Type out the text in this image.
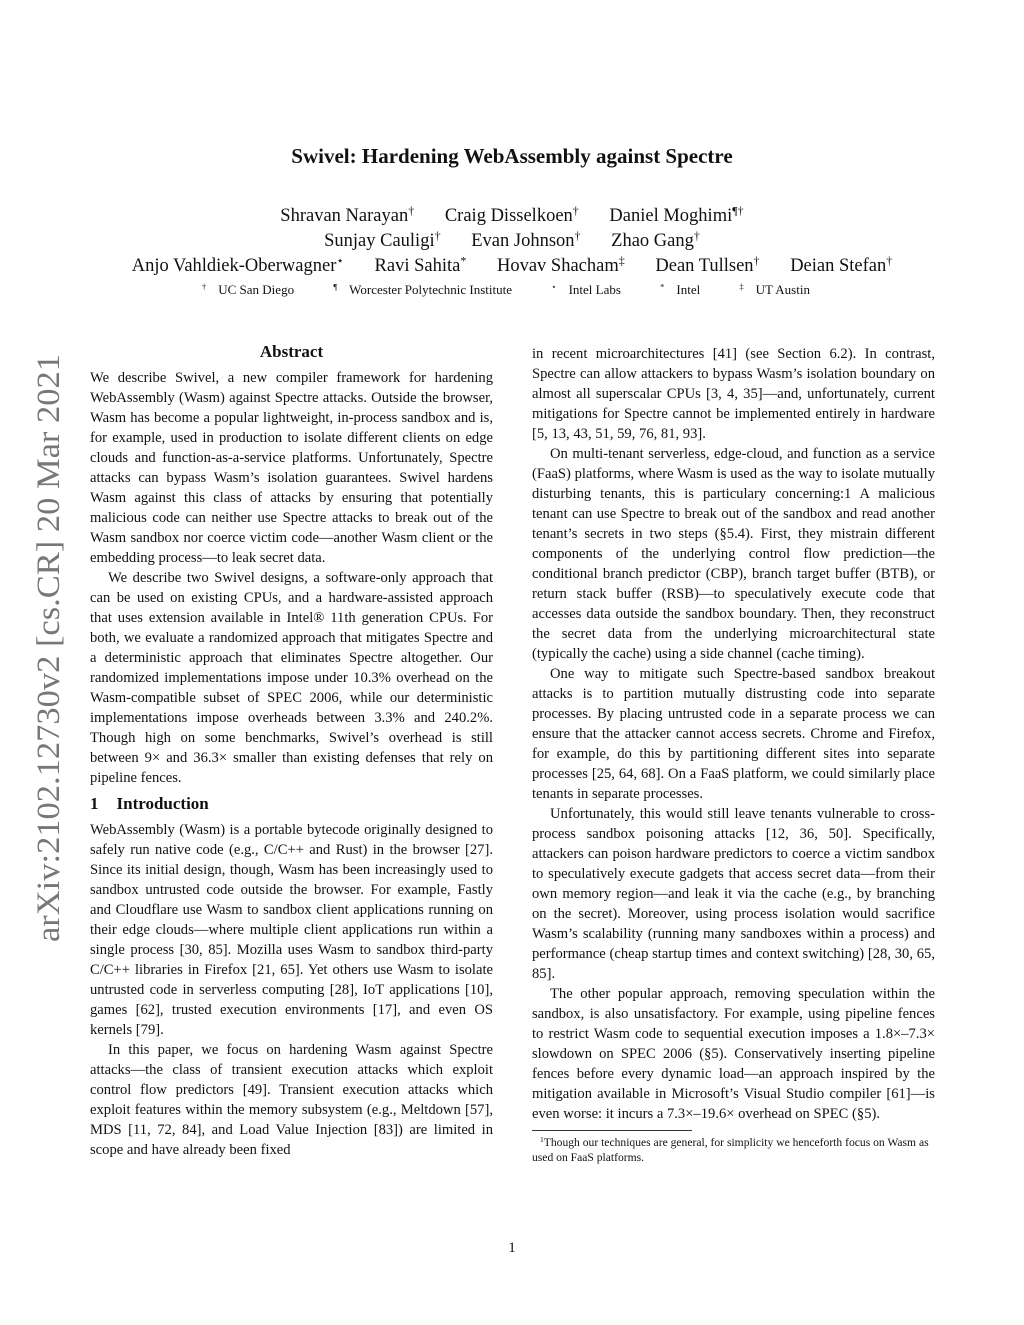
arXiv:2102.12730v2 [cs.CR] 20 Mar 2021
Swivel: Hardening WebAssembly against Spectre
Shravan Narayan† Craig Disselkoen† Daniel Moghimi¶†
Sunjay Cauligi† Evan Johnson† Zhao Gang†
Anjo Vahldiek-Oberwagner⋆ Ravi Sahita* Hovav Shacham‡ Dean Tullsen† Deian Stefan†
† UC San Diego	¶ Worcester Polytechnic Institute	⋆ Intel Labs	* Intel	‡ UT Austin
Abstract

We describe Swivel, a new compiler framework for hardening WebAssembly (Wasm) against Spectre attacks. Outside the browser, Wasm has become a popular lightweight, in-process sandbox and is, for example, used in production to isolate different clients on edge clouds and function-as-a-service platforms. Unfortunately, Spectre attacks can bypass Wasm’s isolation guarantees. Swivel hardens Wasm against this class of attacks by ensuring that potentially malicious code can neither use Spectre attacks to break out of the Wasm sandbox nor coerce victim code—another Wasm client or the embedding process—to leak secret data.

We describe two Swivel designs, a software-only approach that can be used on existing CPUs, and a hardware-assisted approach that uses extension available in Intel® 11th generation CPUs. For both, we evaluate a randomized approach that mitigates Spectre and a deterministic approach that eliminates Spectre altogether. Our randomized implementations impose under 10.3% overhead on the Wasm-compatible subset of SPEC 2006, while our deterministic implementations impose overheads between 3.3% and 240.2%. Though high on some benchmarks, Swivel’s overhead is still between 9× and 36.3× smaller than existing defenses that rely on pipeline fences.

1 Introduction

WebAssembly (Wasm) is a portable bytecode originally designed to safely run native code (e.g., C/C++ and Rust) in the browser [27]. Since its initial design, though, Wasm has been increasingly used to sandbox untrusted code outside the browser. For example, Fastly and Cloudflare use Wasm to sandbox client applications running on their edge clouds—where multiple client applications run within a single process [30, 85]. Mozilla uses Wasm to sandbox third-party C/C++ libraries in Firefox [21, 65]. Yet others use Wasm to isolate untrusted code in serverless computing [28], IoT applications [10], games [62], trusted execution environments [17], and even OS kernels [79].

In this paper, we focus on hardening Wasm against Spectre attacks—the class of transient execution attacks which exploit control flow predictors [49]. Transient execution attacks which exploit features within the memory subsystem (e.g., Meltdown [57], MDS [11, 72, 84], and Load Value Injection [83]) are limited in scope and have already been fixed

in recent microarchitectures [41] (see Section 6.2). In contrast, Spectre can allow attackers to bypass Wasm’s isolation boundary on almost all superscalar CPUs [3, 4, 35]—and, unfortunately, current mitigations for Spectre cannot be implemented entirely in hardware [5, 13, 43, 51, 59, 76, 81, 93].

On multi-tenant serverless, edge-cloud, and function as a service (FaaS) platforms, where Wasm is used as the way to isolate mutually disturbing tenants, this is particulary concerning:1 A malicious tenant can use Spectre to break out of the sandbox and read another tenant’s secrets in two steps (§5.4). First, they mistrain different components of the underlying control flow prediction—the conditional branch predictor (CBP), branch target buffer (BTB), or return stack buffer (RSB)—to speculatively execute code that accesses data outside the sandbox boundary. Then, they reconstruct the secret data from the underlying microarchitectural state (typically the cache) using a side channel (cache timing).

One way to mitigate such Spectre-based sandbox breakout attacks is to partition mutually distrusting code into separate processes. By placing untrusted code in a separate process we can ensure that the attacker cannot access secrets. Chrome and Firefox, for example, do this by partitioning different sites into separate processes [25, 64, 68]. On a FaaS platform, we could similarly place tenants in separate processes.

Unfortunately, this would still leave tenants vulnerable to cross-process sandbox poisoning attacks [12, 36, 50]. Specifically, attackers can poison hardware predictors to coerce a victim sandbox to speculatively execute gadgets that access secret data—from their own memory region—and leak it via the cache (e.g., by branching on the secret). Moreover, using process isolation would sacrifice Wasm’s scalability (running many sandboxes within a process) and performance (cheap startup times and context switching) [28, 30, 65, 85].

The other popular approach, removing speculation within the sandbox, is also unsatisfactory. For example, using pipeline fences to restrict Wasm code to sequential execution imposes a 1.8×–7.3× slowdown on SPEC 2006 (§5). Conservatively inserting pipeline fences before every dynamic load—an approach inspired by the mitigation available in Microsoft’s Visual Studio compiler [61]—is even worse: it incurs a 7.3×–19.6× overhead on SPEC (§5).

$^1$Though our techniques are general, for simplicity we henceforth focus on Wasm as used on FaaS platforms.
1
